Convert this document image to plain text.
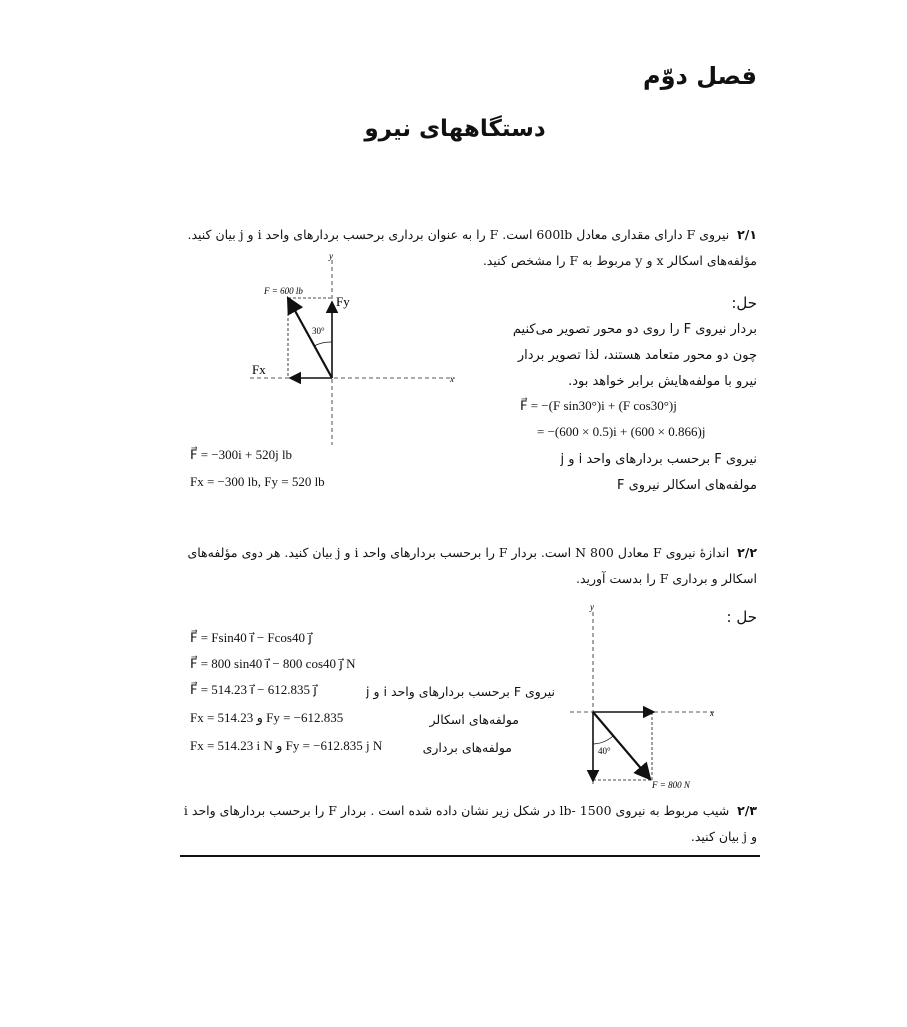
فصل دوّم
دستگاههای نیرو
۲/۱  نیروی F دارای مقداری معادل 600lb است. F را به عنوان برداری برحسب بردارهای واحد i و j بیان کنید.
مؤلفه‌های اسکالر x و y مربوط به F را مشخص کنید.
F = 600 lb
Fy
Fx
30°
x
y
حل:
بردار نیروی F را روی دو محور تصویر می‌کنیم
چون دو محور متعامد هستند، لذا تصویر بردار
نیرو با مولفه‌هایش برابر خواهد بود.
F⃗ = −(F sin30°)i + (F cos30°)j
= −(600 × 0.5)i + (600 × 0.866)j
نیروی F برحسب بردارهای واحد i و j
مولفه‌های اسکالر نیروی F
F⃗ = −300i + 520j lb
Fx = −300 lb, Fy = 520 lb
۲/۲  اندازهٔ نیروی F معادل 800 N است. بردار F را برحسب بردارهای واحد i و j بیان کنید. هر دوی مؤلفه‌های
اسکالر و برداری F را بدست آورید.
حل :
F⃗ = Fsin40 i⃗ − Fcos40 j⃗
F⃗ = 800 sin40 i⃗ − 800 cos40 j⃗ N
F⃗ = 514.23 i⃗ − 612.835 j⃗	نیروی F برحسب بردارهای واحد i و j
Fx = 514.23 و Fy = −612.835	مولفه‌های اسکالر
Fx = 514.23 i N و Fy = −612.835 j N	مولفه‌های برداری	40°
F = 800 N
x
y
۲/۳  شیب مربوط به نیروی lb- 1500 در شکل زیر نشان داده شده است . بردار F را برحسب بردارهای واحد i
و j بیان کنید.
